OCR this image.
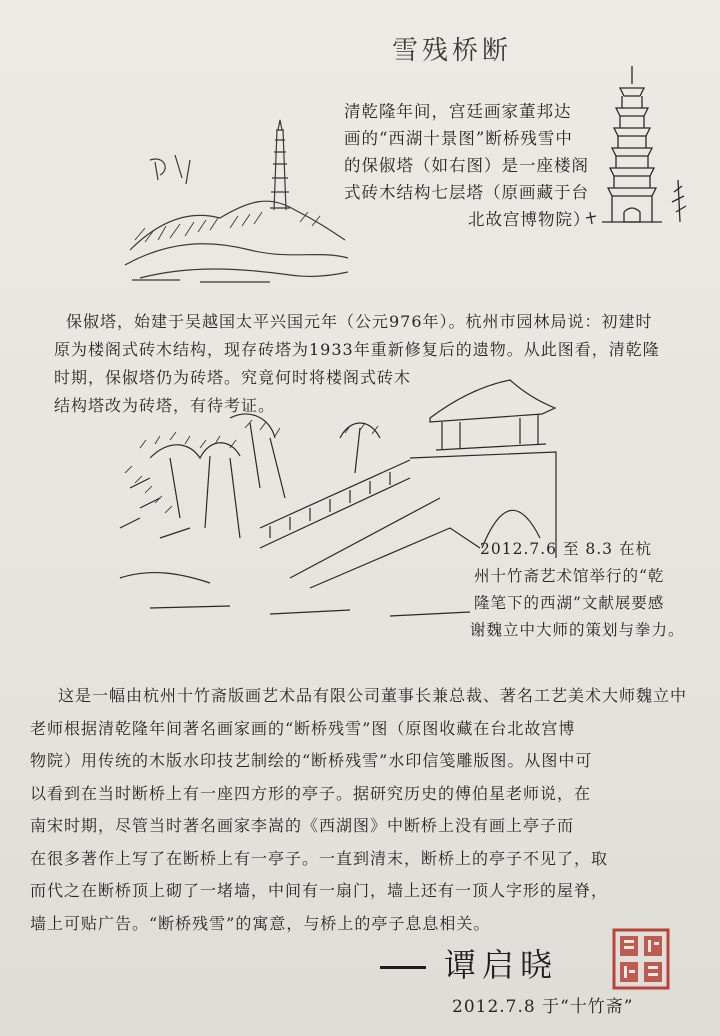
雪残桥断

清乾隆年间，宫廷画家董邦达

画的“西湖十景图”断桥残雪中

的保俶塔（如右图）是一座楼阁

式砖木结构七层塔（原画藏于台

北故宫博物院）

保俶塔，始建于吴越国太平兴国元年（公元976年）。杭州市园林局说：初建时

原为楼阁式砖木结构，现存砖塔为1933年重新修复后的遗物。从此图看，清乾隆

时期，保俶塔仍为砖塔。究竟何时将楼阁式砖木

结构塔改为砖塔，有待考证。

2012.7.6 至 8.3 在杭

州十竹斋艺术馆举行的“乾

隆笔下的西湖”文献展要感

谢魏立中大师的策划与拳力。

这是一幅由杭州十竹斋版画艺术品有限公司董事长兼总裁、著名工艺美术大师魏立中

老师根据清乾隆年间著名画家画的“断桥残雪”图（原图收藏在台北故宫博

物院）用传统的木版水印技艺制绘的“断桥残雪”水印信笺雕版图。从图中可

以看到在当时断桥上有一座四方形的亭子。据研究历史的傅伯星老师说，在

南宋时期，尽管当时著名画家李嵩的《西湖图》中断桥上没有画上亭子而

在很多著作上写了在断桥上有一亭子。一直到清末，断桥上的亭子不见了，取

而代之在断桥顶上砌了一堵墙，中间有一扇门，墙上还有一顶人字形的屋脊，

墙上可贴广告。“断桥残雪”的寓意，与桥上的亭子息息相关。

谭启晓
2012.7.8 于“十竹斋”
